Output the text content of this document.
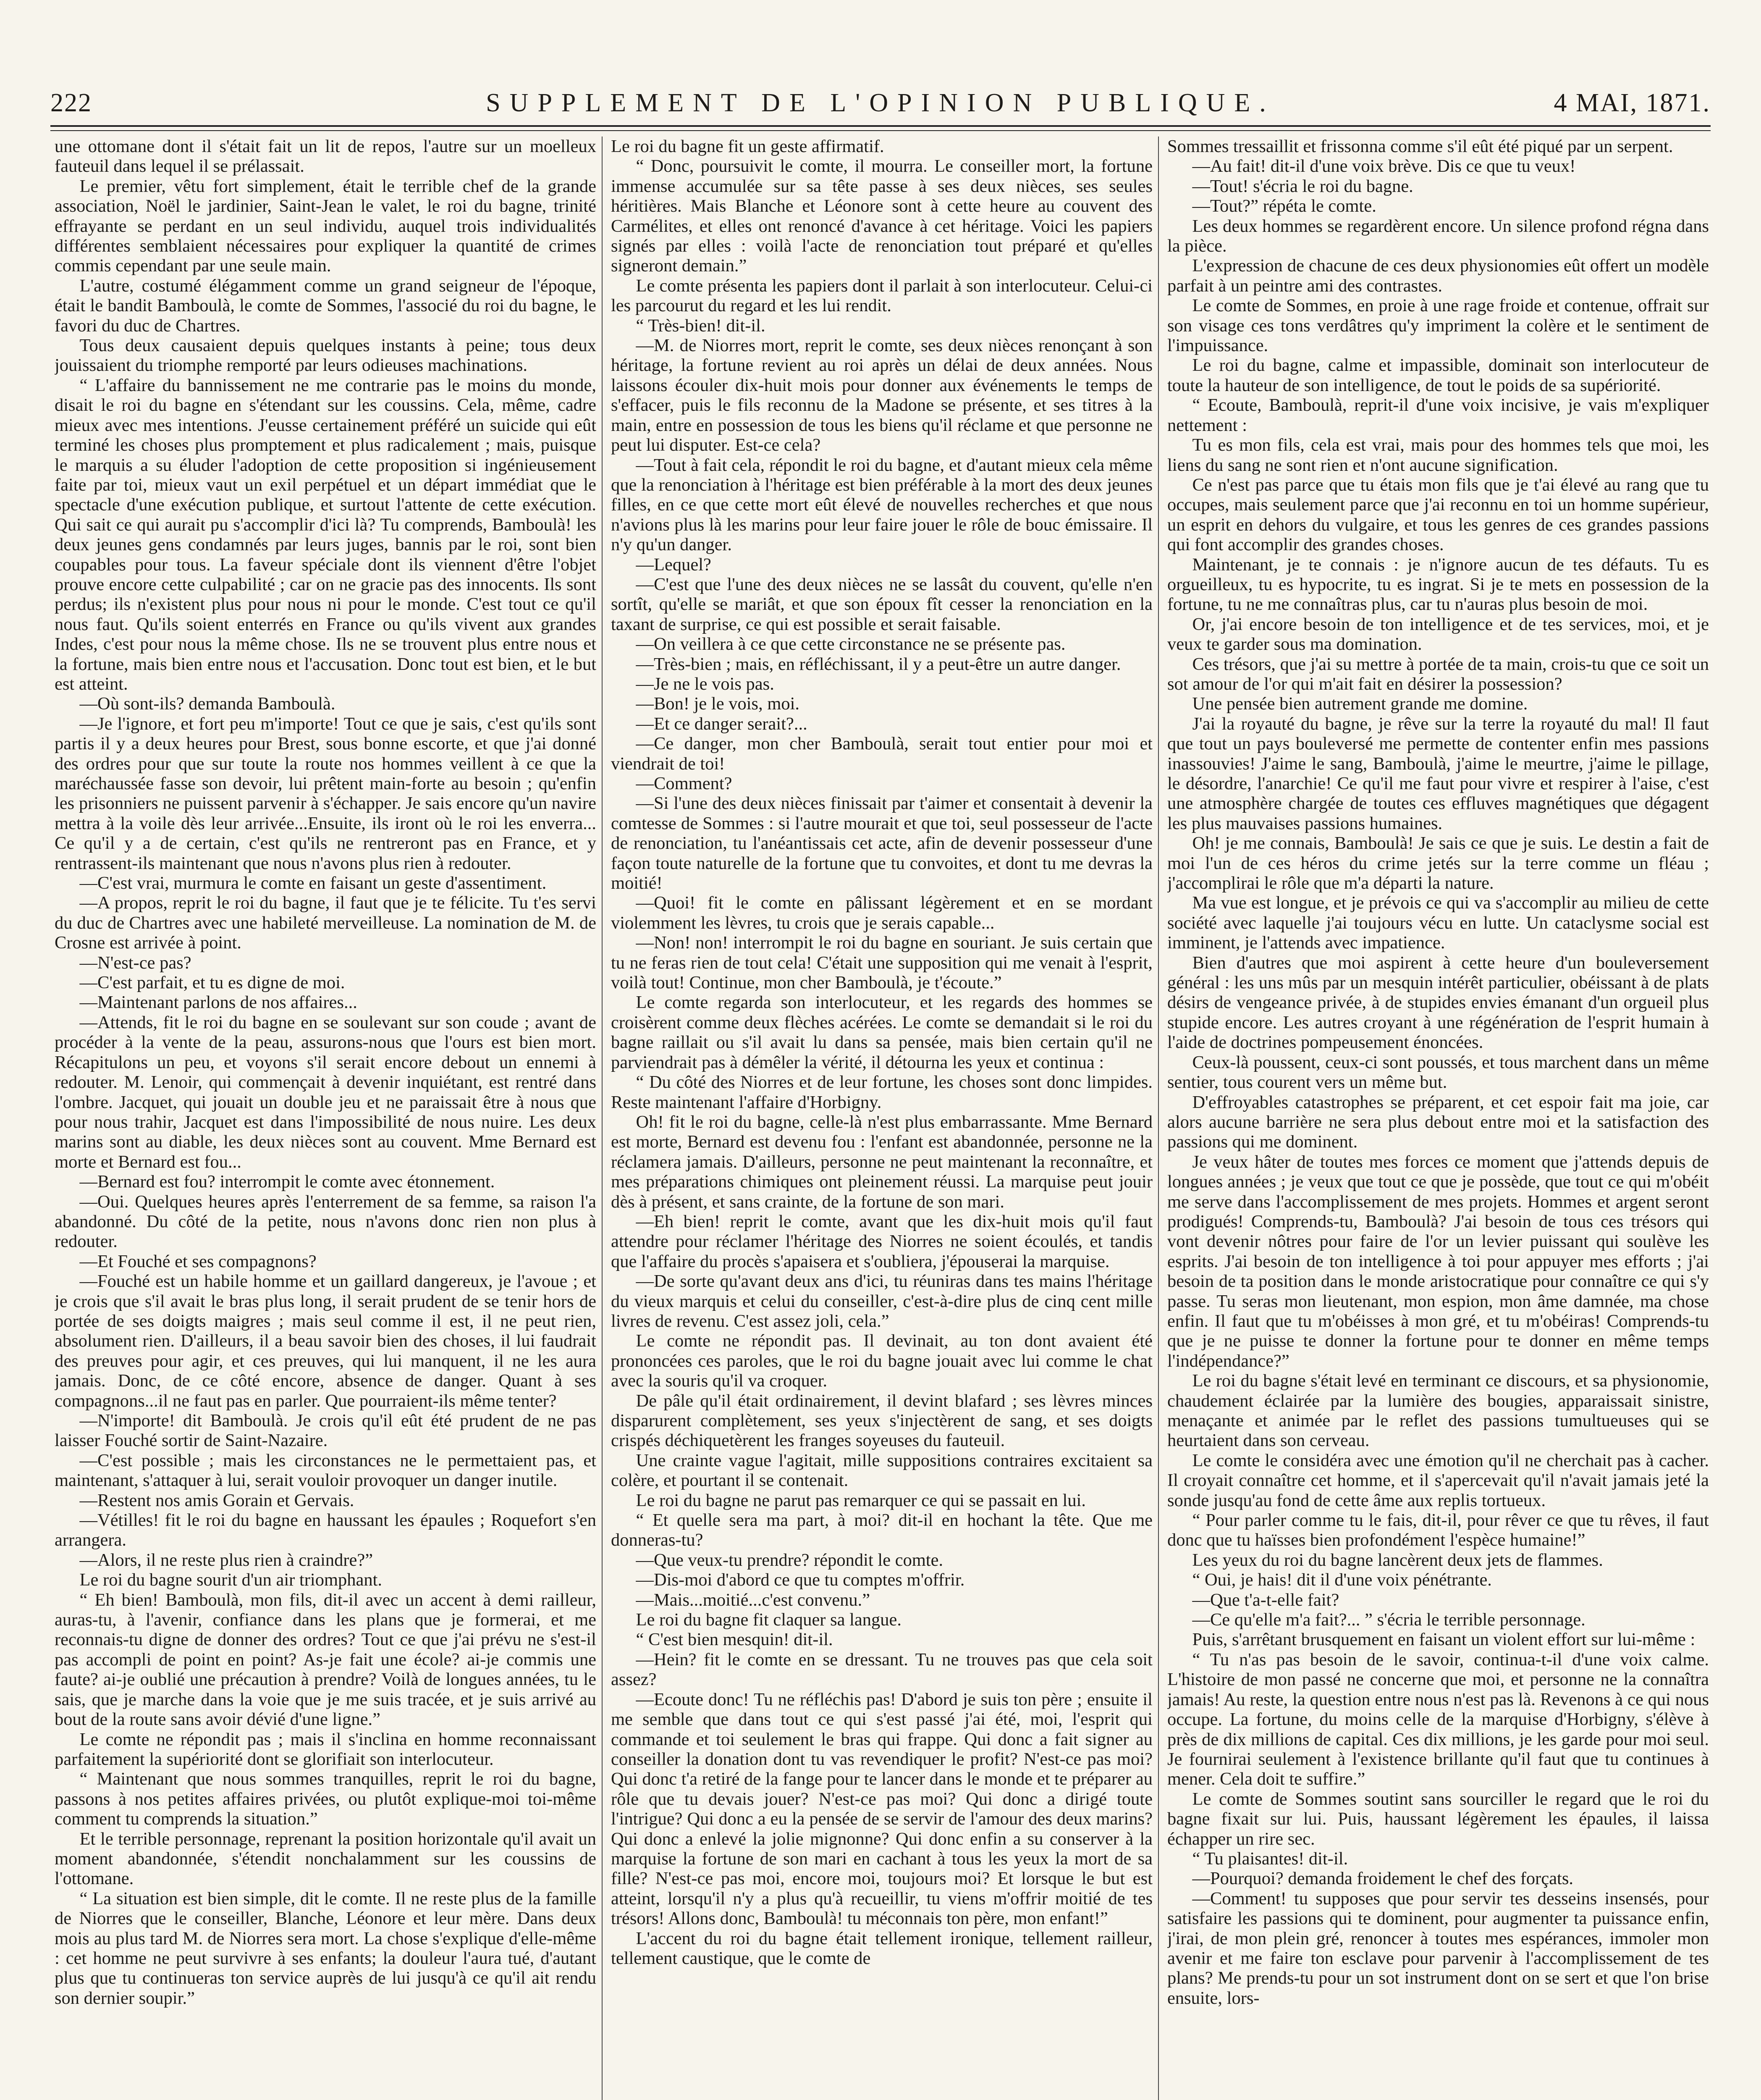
SUPPLEMENT DE L'OPINION PUBLIQUE.
222	4 MAI, 1871.

une ottomane dont il s'était fait un lit de repos, l'autre sur un moelleux fauteuil dans lequel il se prélassait.

Le premier, vêtu fort simplement, était le terrible chef de la grande association, Noël le jardinier, Saint-Jean le valet, le roi du bagne, trinité effrayante se perdant en un seul individu, auquel trois individualités différentes semblaient nécessaires pour expliquer la quantité de crimes commis cependant par une seule main.

L'autre, costumé élégamment comme un grand seigneur de l'époque, était le bandit Bamboulà, le comte de Sommes, l'associé du roi du bagne, le favori du duc de Chartres.

Tous deux causaient depuis quelques instants à peine; tous deux jouissaient du triomphe remporté par leurs odieuses machinations.

“ L'affaire du bannissement ne me contrarie pas le moins du monde, disait le roi du bagne en s'étendant sur les coussins. Cela, même, cadre mieux avec mes intentions. J'eusse certainement préféré un suicide qui eût terminé les choses plus promptement et plus radicalement ; mais, puisque le marquis a su éluder l'adoption de cette proposition si ingénieusement faite par toi, mieux vaut un exil perpétuel et un départ immédiat que le spectacle d'une exécution publique, et surtout l'attente de cette exécution. Qui sait ce qui aurait pu s'accomplir d'ici là? Tu comprends, Bamboulà! les deux jeunes gens condamnés par leurs juges, bannis par le roi, sont bien coupables pour tous. La faveur spéciale dont ils viennent d'être l'objet prouve encore cette culpabilité ; car on ne gracie pas des innocents. Ils sont perdus; ils n'existent plus pour nous ni pour le monde. C'est tout ce qu'il nous faut. Qu'ils soient enterrés en France ou qu'ils vivent aux grandes Indes, c'est pour nous la même chose. Ils ne se trouvent plus entre nous et la fortune, mais bien entre nous et l'accusation. Donc tout est bien, et le but est atteint.

—Où sont-ils? demanda Bamboulà.

—Je l'ignore, et fort peu m'importe! Tout ce que je sais, c'est qu'ils sont partis il y a deux heures pour Brest, sous bonne escorte, et que j'ai donné des ordres pour que sur toute la route nos hommes veillent à ce que la maréchaussée fasse son devoir, lui prêtent main-forte au besoin ; qu'enfin les prisonniers ne puissent parvenir à s'échapper. Je sais encore qu'un navire mettra à la voile dès leur arrivée...Ensuite, ils iront où le roi les enverra... Ce qu'il y a de certain, c'est qu'ils ne rentreront pas en France, et y rentrassent-ils maintenant que nous n'avons plus rien à redouter.

—C'est vrai, murmura le comte en faisant un geste d'assentiment.

—A propos, reprit le roi du bagne, il faut que je te félicite. Tu t'es servi du duc de Chartres avec une habileté merveilleuse. La nomination de M. de Crosne est arrivée à point.

—N'est-ce pas?

—C'est parfait, et tu es digne de moi.

—Maintenant parlons de nos affaires...

—Attends, fit le roi du bagne en se soulevant sur son coude ; avant de procéder à la vente de la peau, assurons-nous que l'ours est bien mort. Récapitulons un peu, et voyons s'il serait encore debout un ennemi à redouter. M. Lenoir, qui commençait à devenir inquiétant, est rentré dans l'ombre. Jacquet, qui jouait un double jeu et ne paraissait être à nous que pour nous trahir, Jacquet est dans l'impossibilité de nous nuire. Les deux marins sont au diable, les deux nièces sont au couvent. Mme Bernard est morte et Bernard est fou...

—Bernard est fou? interrompit le comte avec étonnement.

—Oui. Quelques heures après l'enterrement de sa femme, sa raison l'a abandonné. Du côté de la petite, nous n'avons donc rien non plus à redouter.

—Et Fouché et ses compagnons?

—Fouché est un habile homme et un gaillard dangereux, je l'avoue ; et je crois que s'il avait le bras plus long, il serait prudent de se tenir hors de portée de ses doigts maigres ; mais seul comme il est, il ne peut rien, absolument rien. D'ailleurs, il a beau savoir bien des choses, il lui faudrait des preuves pour agir, et ces preuves, qui lui manquent, il ne les aura jamais. Donc, de ce côté encore, absence de danger. Quant à ses compagnons...il ne faut pas en parler. Que pourraient-ils même tenter?

—N'importe! dit Bamboulà. Je crois qu'il eût été prudent de ne pas laisser Fouché sortir de Saint-Nazaire.

—C'est possible ; mais les circonstances ne le permettaient pas, et maintenant, s'attaquer à lui, serait vouloir provoquer un danger inutile.

—Restent nos amis Gorain et Gervais.

—Vétilles! fit le roi du bagne en haussant les épaules ; Roquefort s'en arrangera.

—Alors, il ne reste plus rien à craindre?”

Le roi du bagne sourit d'un air triomphant.

“ Eh bien! Bamboulà, mon fils, dit-il avec un accent à demi railleur, auras-tu, à l'avenir, confiance dans les plans que je formerai, et me reconnais-tu digne de donner des ordres? Tout ce que j'ai prévu ne s'est-il pas accompli de point en point? As-je fait une école? ai-je commis une faute? ai-je oublié une précaution à prendre? Voilà de longues années, tu le sais, que je marche dans la voie que je me suis tracée, et je suis arrivé au bout de la route sans avoir dévié d'une ligne.”

Le comte ne répondit pas ; mais il s'inclina en homme reconnaissant parfaitement la supériorité dont se glorifiait son interlocuteur.

“ Maintenant que nous sommes tranquilles, reprit le roi du bagne, passons à nos petites affaires privées, ou plutôt explique-moi toi-même comment tu comprends la situation.”

Et le terrible personnage, reprenant la position horizontale qu'il avait un moment abandonnée, s'étendit nonchalamment sur les coussins de l'ottomane.

“ La situation est bien simple, dit le comte. Il ne reste plus de la famille de Niorres que le conseiller, Blanche, Léonore et leur mère. Dans deux mois au plus tard M. de Niorres sera mort. La chose s'explique d'elle-même : cet homme ne peut survivre à ses enfants; la douleur l'aura tué, d'autant plus que tu continueras ton service auprès de lui jusqu'à ce qu'il ait rendu son dernier soupir.”

Le roi du bagne fit un geste affirmatif.

“ Donc, poursuivit le comte, il mourra. Le conseiller mort, la fortune immense accumulée sur sa tête passe à ses deux nièces, ses seules héritières. Mais Blanche et Léonore sont à cette heure au couvent des Carmélites, et elles ont renoncé d'avance à cet héritage. Voici les papiers signés par elles : voilà l'acte de renonciation tout préparé et qu'elles signeront demain.”

Le comte présenta les papiers dont il parlait à son interlocuteur. Celui-ci les parcourut du regard et les lui rendit.

“ Très-bien! dit-il.

—M. de Niorres mort, reprit le comte, ses deux nièces renonçant à son héritage, la fortune revient au roi après un délai de deux années. Nous laissons écouler dix-huit mois pour donner aux événements le temps de s'effacer, puis le fils reconnu de la Madone se présente, et ses titres à la main, entre en possession de tous les biens qu'il réclame et que personne ne peut lui disputer. Est-ce cela?

—Tout à fait cela, répondit le roi du bagne, et d'autant mieux cela même que la renonciation à l'héritage est bien préférable à la mort des deux jeunes filles, en ce que cette mort eût élevé de nouvelles recherches et que nous n'avions plus là les marins pour leur faire jouer le rôle de bouc émissaire. Il n'y qu'un danger.

—Lequel?

—C'est que l'une des deux nièces ne se lassât du couvent, qu'elle n'en sortît, qu'elle se mariât, et que son époux fît cesser la renonciation en la taxant de surprise, ce qui est possible et serait faisable.

—On veillera à ce que cette circonstance ne se présente pas.

—Très-bien ; mais, en réfléchissant, il y a peut-être un autre danger.

—Je ne le vois pas.

—Bon! je le vois, moi.

—Et ce danger serait?...

—Ce danger, mon cher Bamboulà, serait tout entier pour moi et viendrait de toi!

—Comment?

—Si l'une des deux nièces finissait par t'aimer et consentait à devenir la comtesse de Sommes : si l'autre mourait et que toi, seul possesseur de l'acte de renonciation, tu l'anéantissais cet acte, afin de devenir possesseur d'une façon toute naturelle de la fortune que tu convoites, et dont tu me devras la moitié!

—Quoi! fit le comte en pâlissant légèrement et en se mordant violemment les lèvres, tu crois que je serais capable...

—Non! non! interrompit le roi du bagne en souriant. Je suis certain que tu ne feras rien de tout cela! C'était une supposition qui me venait à l'esprit, voilà tout! Continue, mon cher Bamboulà, je t'écoute.”

Le comte regarda son interlocuteur, et les regards des hommes se croisèrent comme deux flèches acérées. Le comte se demandait si le roi du bagne raillait ou s'il avait lu dans sa pensée, mais bien certain qu'il ne parviendrait pas à démêler la vérité, il détourna les yeux et continua :

“ Du côté des Niorres et de leur fortune, les choses sont donc limpides. Reste maintenant l'affaire d'Horbigny.

Oh! fit le roi du bagne, celle-là n'est plus embarrassante. Mme Bernard est morte, Bernard est devenu fou : l'enfant est abandonnée, personne ne la réclamera jamais. D'ailleurs, personne ne peut maintenant la reconnaître, et mes préparations chimiques ont pleinement réussi. La marquise peut jouir dès à présent, et sans crainte, de la fortune de son mari.

—Eh bien! reprit le comte, avant que les dix-huit mois qu'il faut attendre pour réclamer l'héritage des Niorres ne soient écoulés, et tandis que l'affaire du procès s'apaisera et s'oubliera, j'épouserai la marquise.

—De sorte qu'avant deux ans d'ici, tu réuniras dans tes mains l'héritage du vieux marquis et celui du conseiller, c'est-à-dire plus de cinq cent mille livres de revenu. C'est assez joli, cela.”

Le comte ne répondit pas. Il devinait, au ton dont avaient été prononcées ces paroles, que le roi du bagne jouait avec lui comme le chat avec la souris qu'il va croquer.

De pâle qu'il était ordinairement, il devint blafard ; ses lèvres minces disparurent complètement, ses yeux s'injectèrent de sang, et ses doigts crispés déchiquetèrent les franges soyeuses du fauteuil.

Une crainte vague l'agitait, mille suppositions contraires excitaient sa colère, et pourtant il se contenait.

Le roi du bagne ne parut pas remarquer ce qui se passait en lui.

“ Et quelle sera ma part, à moi? dit-il en hochant la tête. Que me donneras-tu?

—Que veux-tu prendre? répondit le comte.

—Dis-moi d'abord ce que tu comptes m'offrir.

—Mais...moitié...c'est convenu.”

Le roi du bagne fit claquer sa langue.

“ C'est bien mesquin! dit-il.

—Hein? fit le comte en se dressant. Tu ne trouves pas que cela soit assez?

—Ecoute donc! Tu ne réfléchis pas! D'abord je suis ton père ; ensuite il me semble que dans tout ce qui s'est passé j'ai été, moi, l'esprit qui commande et toi seulement le bras qui frappe. Qui donc a fait signer au conseiller la donation dont tu vas revendiquer le profit? N'est-ce pas moi? Qui donc t'a retiré de la fange pour te lancer dans le monde et te préparer au rôle que tu devais jouer? N'est-ce pas moi? Qui donc a dirigé toute l'intrigue? Qui donc a eu la pensée de se servir de l'amour des deux marins? Qui donc a enlevé la jolie mignonne? Qui donc enfin a su conserver à la marquise la fortune de son mari en cachant à tous les yeux la mort de sa fille? N'est-ce pas moi, encore moi, toujours moi? Et lorsque le but est atteint, lorsqu'il n'y a plus qu'à recueillir, tu viens m'offrir moitié de tes trésors! Allons donc, Bamboulà! tu méconnais ton père, mon enfant!”

L'accent du roi du bagne était tellement ironique, tellement railleur, tellement caustique, que le comte de

Sommes tressaillit et frissonna comme s'il eût été piqué par un serpent.

—Au fait! dit-il d'une voix brève. Dis ce que tu veux!

—Tout! s'écria le roi du bagne.

—Tout?” répéta le comte.

Les deux hommes se regardèrent encore. Un silence profond régna dans la pièce.

L'expression de chacune de ces deux physionomies eût offert un modèle parfait à un peintre ami des contrastes.

Le comte de Sommes, en proie à une rage froide et contenue, offrait sur son visage ces tons verdâtres qu'y impriment la colère et le sentiment de l'impuissance.

Le roi du bagne, calme et impassible, dominait son interlocuteur de toute la hauteur de son intelligence, de tout le poids de sa supériorité.

“ Ecoute, Bamboulà, reprit-il d'une voix incisive, je vais m'expliquer nettement :

Tu es mon fils, cela est vrai, mais pour des hommes tels que moi, les liens du sang ne sont rien et n'ont aucune signification.

Ce n'est pas parce que tu étais mon fils que je t'ai élevé au rang que tu occupes, mais seulement parce que j'ai reconnu en toi un homme supérieur, un esprit en dehors du vulgaire, et tous les genres de ces grandes passions qui font accomplir des grandes choses.

Maintenant, je te connais : je n'ignore aucun de tes défauts. Tu es orgueilleux, tu es hypocrite, tu es ingrat. Si je te mets en possession de la fortune, tu ne me connaîtras plus, car tu n'auras plus besoin de moi.

Or, j'ai encore besoin de ton intelligence et de tes services, moi, et je veux te garder sous ma domination.

Ces trésors, que j'ai su mettre à portée de ta main, crois-tu que ce soit un sot amour de l'or qui m'ait fait en désirer la possession?

Une pensée bien autrement grande me domine.

J'ai la royauté du bagne, je rêve sur la terre la royauté du mal! Il faut que tout un pays bouleversé me permette de contenter enfin mes passions inassouvies! J'aime le sang, Bamboulà, j'aime le meurtre, j'aime le pillage, le désordre, l'anarchie! Ce qu'il me faut pour vivre et respirer à l'aise, c'est une atmosphère chargée de toutes ces effluves magnétiques que dégagent les plus mauvaises passions humaines.

Oh! je me connais, Bamboulà! Je sais ce que je suis. Le destin a fait de moi l'un de ces héros du crime jetés sur la terre comme un fléau ; j'accomplirai le rôle que m'a départi la nature.

Ma vue est longue, et je prévois ce qui va s'accomplir au milieu de cette société avec laquelle j'ai toujours vécu en lutte. Un cataclysme social est imminent, je l'attends avec impatience.

Bien d'autres que moi aspirent à cette heure d'un bouleversement général : les uns mûs par un mesquin intérêt particulier, obéissant à de plats désirs de vengeance privée, à de stupides envies émanant d'un orgueil plus stupide encore. Les autres croyant à une régénération de l'esprit humain à l'aide de doctrines pompeusement énoncées.

Ceux-là poussent, ceux-ci sont poussés, et tous marchent dans un même sentier, tous courent vers un même but.

D'effroyables catastrophes se préparent, et cet espoir fait ma joie, car alors aucune barrière ne sera plus debout entre moi et la satisfaction des passions qui me dominent.

Je veux hâter de toutes mes forces ce moment que j'attends depuis de longues années ; je veux que tout ce que je possède, que tout ce qui m'obéit me serve dans l'accomplissement de mes projets. Hommes et argent seront prodigués! Comprends-tu, Bamboulà? J'ai besoin de tous ces trésors qui vont devenir nôtres pour faire de l'or un levier puissant qui soulève les esprits. J'ai besoin de ton intelligence à toi pour appuyer mes efforts ; j'ai besoin de ta position dans le monde aristocratique pour connaître ce qui s'y passe. Tu seras mon lieutenant, mon espion, mon âme damnée, ma chose enfin. Il faut que tu m'obéisses à mon gré, et tu m'obéiras! Comprends-tu que je ne puisse te donner la fortune pour te donner en même temps l'indépendance?”

Le roi du bagne s'était levé en terminant ce discours, et sa physionomie, chaudement éclairée par la lumière des bougies, apparaissait sinistre, menaçante et animée par le reflet des passions tumultueuses qui se heurtaient dans son cerveau.

Le comte le considéra avec une émotion qu'il ne cherchait pas à cacher. Il croyait connaître cet homme, et il s'apercevait qu'il n'avait jamais jeté la sonde jusqu'au fond de cette âme aux replis tortueux.

“ Pour parler comme tu le fais, dit-il, pour rêver ce que tu rêves, il faut donc que tu haïsses bien profondément l'espèce humaine!”

Les yeux du roi du bagne lancèrent deux jets de flammes.

“ Oui, je hais! dit il d'une voix pénétrante.

—Que t'a-t-elle fait?

—Ce qu'elle m'a fait?... ” s'écria le terrible personnage.

Puis, s'arrêtant brusquement en faisant un violent effort sur lui-même :

“ Tu n'as pas besoin de le savoir, continua-t-il d'une voix calme. L'histoire de mon passé ne concerne que moi, et personne ne la connaîtra jamais! Au reste, la question entre nous n'est pas là. Revenons à ce qui nous occupe. La fortune, du moins celle de la marquise d'Horbigny, s'élève à près de dix millions de capital. Ces dix millions, je les garde pour moi seul. Je fournirai seulement à l'existence brillante qu'il faut que tu continues à mener. Cela doit te suffire.”

Le comte de Sommes soutint sans sourciller le regard que le roi du bagne fixait sur lui. Puis, haussant légèrement les épaules, il laissa échapper un rire sec.

“ Tu plaisantes! dit-il.

—Pourquoi? demanda froidement le chef des forçats.

—Comment! tu supposes que pour servir tes desseins insensés, pour satisfaire les passions qui te dominent, pour augmenter ta puissance enfin, j'irai, de mon plein gré, renoncer à toutes mes espérances, immoler mon avenir et me faire ton esclave pour parvenir à l'accomplissement de tes plans? Me prends-tu pour un sot instrument dont on se sert et que l'on brise ensuite, lors-
